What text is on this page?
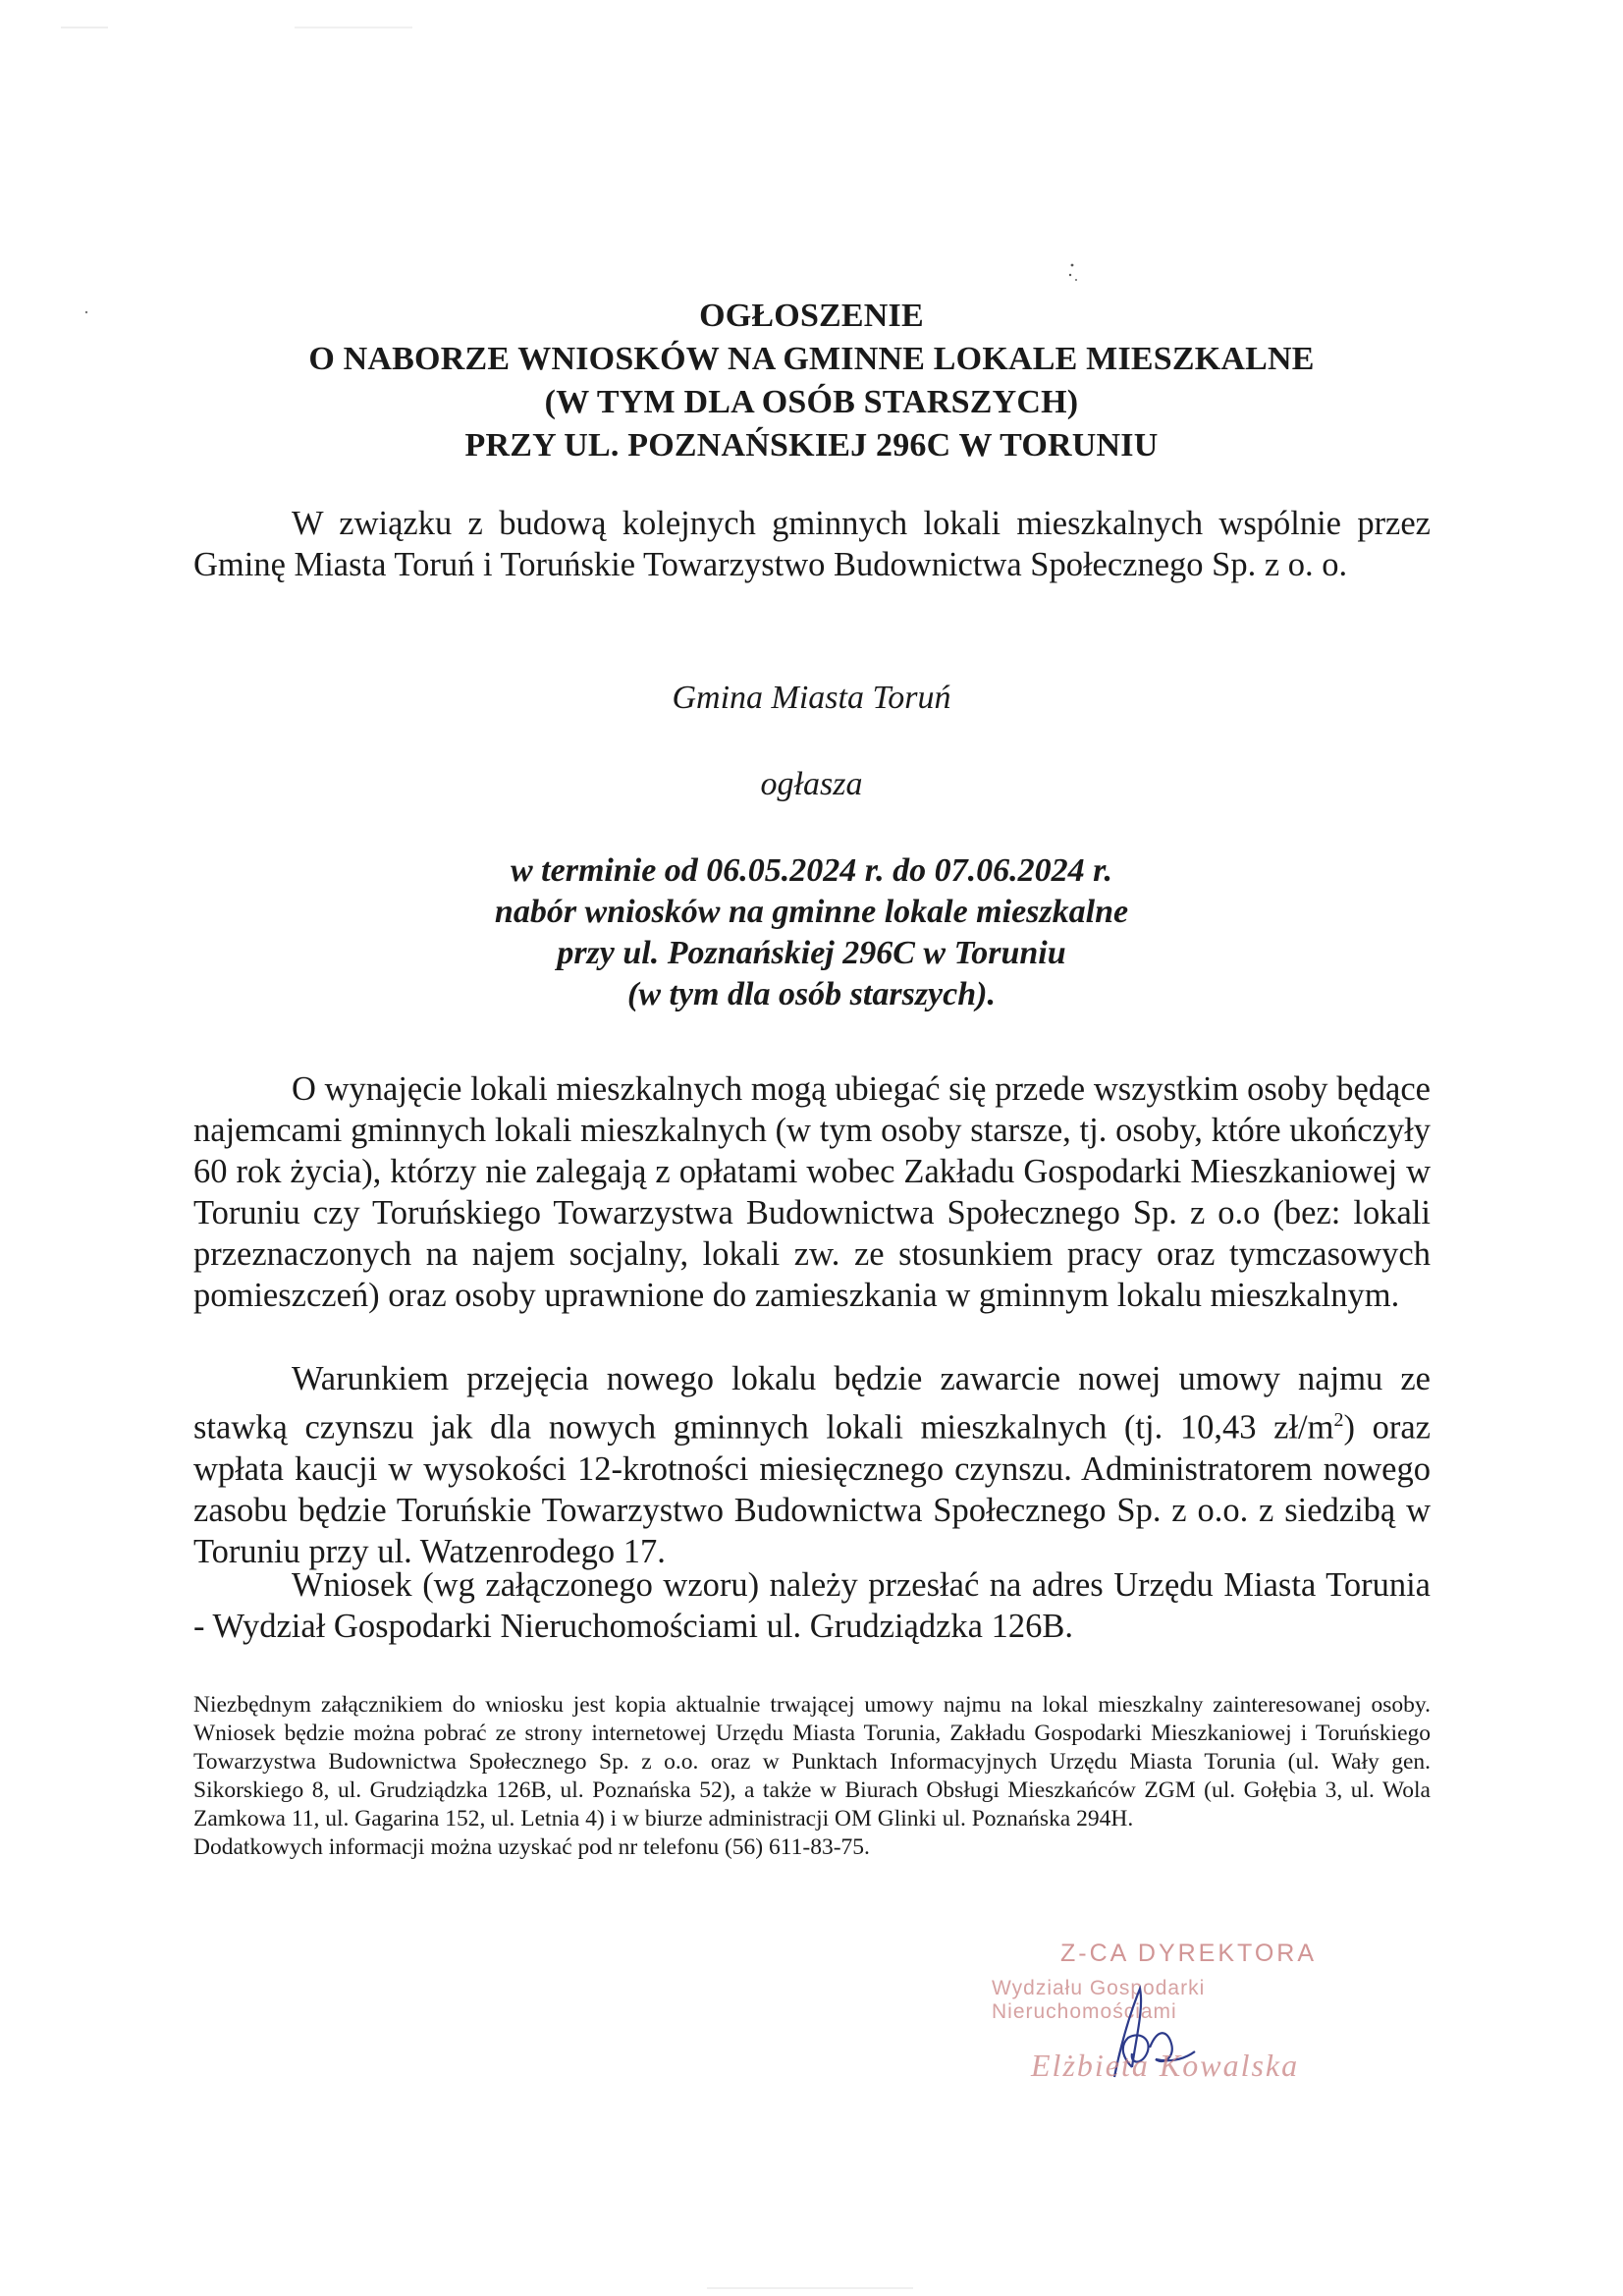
OGŁOSZENIE
O NABORZE WNIOSKÓW NA GMINNE LOKALE MIESZKALNE
(W TYM DLA OSÓB STARSZYCH)
PRZY UL. POZNAŃSKIEJ 296C W TORUNIU
W związku z budową kolejnych gminnych lokali mieszkalnych wspólnie przez Gminę Miasta Toruń i Toruńskie Towarzystwo Budownictwa Społecznego Sp. z o. o.
Gmina Miasta Toruń
ogłasza
w terminie od 06.05.2024 r. do 07.06.2024 r.
nabór wniosków na gminne lokale mieszkalne
przy ul. Poznańskiej 296C w Toruniu
(w tym dla osób starszych).
O wynajęcie lokali mieszkalnych mogą ubiegać się przede wszystkim osoby będące najemcami gminnych lokali mieszkalnych (w tym osoby starsze, tj. osoby, które ukończyły 60 rok życia), którzy nie zalegają z opłatami wobec Zakładu Gospodarki Mieszkaniowej w Toruniu czy Toruńskiego Towarzystwa Budownictwa Społecznego Sp. z o.o (bez: lokali przeznaczonych na najem socjalny, lokali zw. ze stosunkiem pracy oraz tymczasowych pomieszczeń) oraz osoby uprawnione do zamieszkania w gminnym lokalu mieszkalnym.
Warunkiem przejęcia nowego lokalu będzie zawarcie nowej umowy najmu ze stawką czynszu jak dla nowych gminnych lokali mieszkalnych (tj. 10,43 $zł/m^2$) oraz wpłata kaucji w wysokości 12-krotności miesięcznego czynszu. Administratorem nowego zasobu będzie Toruńskie Towarzystwo Budownictwa Społecznego Sp. z o.o. z siedzibą w Toruniu przy ul. Watzenrodego 17.
Wniosek (wg załączonego wzoru) należy przesłać na adres Urzędu Miasta Torunia - Wydział Gospodarki Nieruchomościami ul. Grudziądzka 126B.

Niezbędnym załącznikiem do wniosku jest kopia aktualnie trwającej umowy najmu na lokal mieszkalny zainteresowanej osoby. Wniosek będzie można pobrać ze strony internetowej Urzędu Miasta Torunia, Zakładu Gospodarki Mieszkaniowej i Toruńskiego Towarzystwa Budownictwa Społecznego Sp. z o.o. oraz w Punktach Informacyjnych Urzędu Miasta Torunia (ul. Wały gen. Sikorskiego 8, ul. Grudziądzka 126B, ul. Poznańska 52), a także w Biurach Obsługi Mieszkańców ZGM (ul. Gołębia 3, ul. Wola Zamkowa 11, ul. Gagarina 152, ul. Letnia 4) i w biurze administracji OM Glinki ul. Poznańska 294H.

Dodatkowych informacji można uzyskać pod nr telefonu (56) 611-83-75.

Z-CA DYREKTORA
Wydziału Gospodarki Nieruchomościami
Elżbieta Kowalska
